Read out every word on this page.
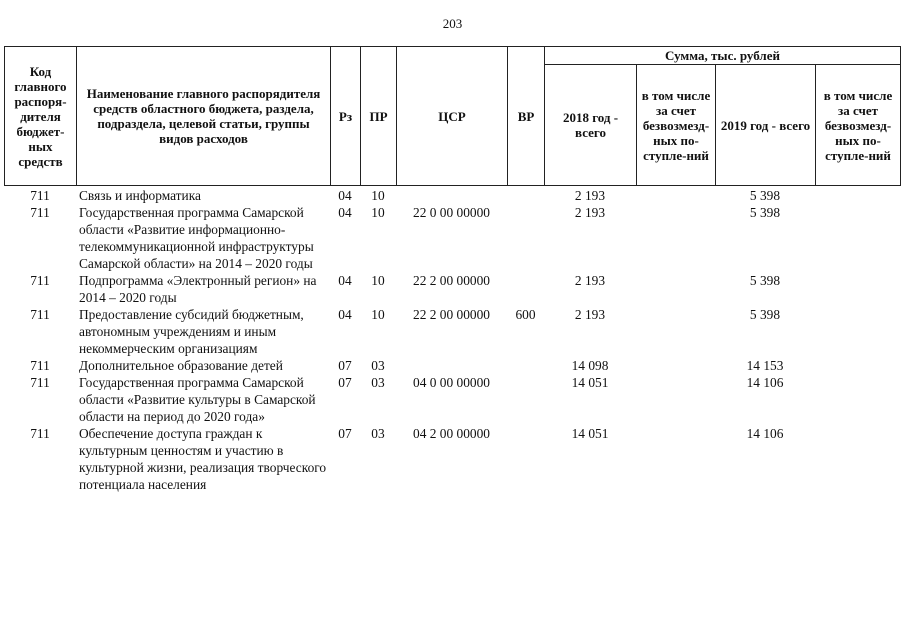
203
Код главного распоря-дителя бюджет-ных средств	Наименование главного распорядителя средств областного бюджета, раздела, подраздела, целевой статьи, группы видов расходов	Рз	ПР	ЦСР	ВР	Сумма, тыс. рублей			
						2018 год - всего	в том числе за счет безвозмезд-ных по-ступле-ний	2019 год - всего	в том числе за счет безвозмезд-ных по-ступле-ний
711	Связь и информатика	04	10			2 193		5 398	
711	Государственная программа Самарской области «Развитие информационно-телекоммуникационной инфраструктуры Самарской области» на 2014 – 2020 годы	04	10	22 0 00 00000		2 193		5 398	
711	Подпрограмма «Электронный регион» на 2014 – 2020 годы	04	10	22 2 00 00000		2 193		5 398	
711	Предоставление субсидий бюджетным, автономным учреждениям и иным некоммерческим организациям	04	10	22 2 00 00000	600	2 193		5 398	
711	Дополнительное образование детей	07	03			14 098		14 153	
711	Государственная программа Самарской области «Развитие культуры в Самарской области на период до 2020 года»	07	03	04 0 00 00000		14 051		14 106	
711	Обеспечение доступа граждан к культурным ценностям и участию в культурной жизни, реализация творческого потенциала населения	07	03	04 2 00 00000		14 051		14 106	
